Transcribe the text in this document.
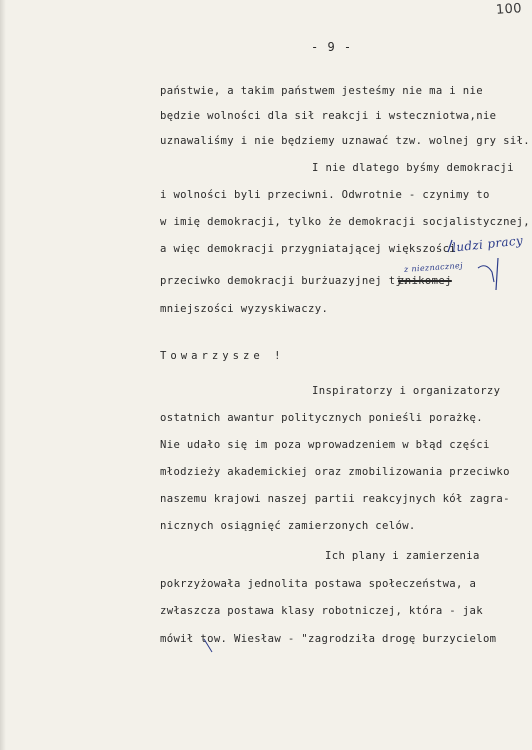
100
- 9 -
państwie, a takim państwem jesteśmy nie ma i nie
będzie wolności dla sił reakcji i wsteczniotwa,nie
uznawaliśmy i nie będziemy uznawać tzw. wolnej gry sił.
I nie dlatego byśmy demokracji
i wolności byli przeciwni. Odwrotnie - czynimy to
w imię demokracji, tylko że demokracji socjalistycznej,
a więc demokracji przygniatającej większości
przeciwko demokracji burżuazyjnej tj.
znikomej
mniejszości wyzyskiwaczy.
Towarzysze !
Inspiratorzy i organizatorzy
ostatnich awantur politycznych ponieśli porażkę.
Nie udało się im poza wprowadzeniem w błąd części
młodzieży akademickiej oraz zmobilizowania przeciwko
naszemu krajowi naszej partii reakcyjnych kół zagra-
nicznych osiągnięć zamierzonych celów.
Ich plany i zamierzenia
pokrzyżowała jednolita postawa społeczeństwa, a
zwłaszcza postawa klasy robotniczej, która - jak
mówił tow. Wiesław - "zagrodziła drogę burzycielom
ludzi pracy
z nieznacznej
